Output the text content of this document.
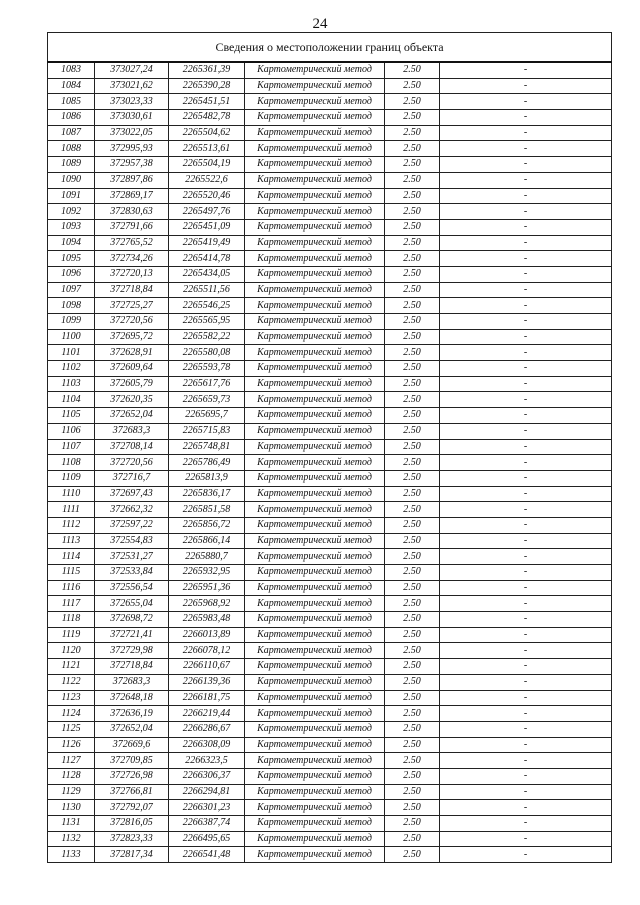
24
Сведения о местоположении границ объекта					
1083	373027,24	2265361,39	Картометрический метод	2.50	-
1084	373021,62	2265390,28	Картометрический метод	2.50	-
1085	373023,33	2265451,51	Картометрический метод	2.50	-
1086	373030,61	2265482,78	Картометрический метод	2.50	-
1087	373022,05	2265504,62	Картометрический метод	2.50	-
1088	372995,93	2265513,61	Картометрический метод	2.50	-
1089	372957,38	2265504,19	Картометрический метод	2.50	-
1090	372897,86	2265522,6	Картометрический метод	2.50	-
1091	372869,17	2265520,46	Картометрический метод	2.50	-
1092	372830,63	2265497,76	Картометрический метод	2.50	-
1093	372791,66	2265451,09	Картометрический метод	2.50	-
1094	372765,52	2265419,49	Картометрический метод	2.50	-
1095	372734,26	2265414,78	Картометрический метод	2.50	-
1096	372720,13	2265434,05	Картометрический метод	2.50	-
1097	372718,84	2265511,56	Картометрический метод	2.50	-
1098	372725,27	2265546,25	Картометрический метод	2.50	-
1099	372720,56	2265565,95	Картометрический метод	2.50	-
1100	372695,72	2265582,22	Картометрический метод	2.50	-
1101	372628,91	2265580,08	Картометрический метод	2.50	-
1102	372609,64	2265593,78	Картометрический метод	2.50	-
1103	372605,79	2265617,76	Картометрический метод	2.50	-
1104	372620,35	2265659,73	Картометрический метод	2.50	-
1105	372652,04	2265695,7	Картометрический метод	2.50	-
1106	372683,3	2265715,83	Картометрический метод	2.50	-
1107	372708,14	2265748,81	Картометрический метод	2.50	-
1108	372720,56	2265786,49	Картометрический метод	2.50	-
1109	372716,7	2265813,9	Картометрический метод	2.50	-
1110	372697,43	2265836,17	Картометрический метод	2.50	-
1111	372662,32	2265851,58	Картометрический метод	2.50	-
1112	372597,22	2265856,72	Картометрический метод	2.50	-
1113	372554,83	2265866,14	Картометрический метод	2.50	-
1114	372531,27	2265880,7	Картометрический метод	2.50	-
1115	372533,84	2265932,95	Картометрический метод	2.50	-
1116	372556,54	2265951,36	Картометрический метод	2.50	-
1117	372655,04	2265968,92	Картометрический метод	2.50	-
1118	372698,72	2265983,48	Картометрический метод	2.50	-
1119	372721,41	2266013,89	Картометрический метод	2.50	-
1120	372729,98	2266078,12	Картометрический метод	2.50	-
1121	372718,84	2266110,67	Картометрический метод	2.50	-
1122	372683,3	2266139,36	Картометрический метод	2.50	-
1123	372648,18	2266181,75	Картометрический метод	2.50	-
1124	372636,19	2266219,44	Картометрический метод	2.50	-
1125	372652,04	2266286,67	Картометрический метод	2.50	-
1126	372669,6	2266308,09	Картометрический метод	2.50	-
1127	372709,85	2266323,5	Картометрический метод	2.50	-
1128	372726,98	2266306,37	Картометрический метод	2.50	-
1129	372766,81	2266294,81	Картометрический метод	2.50	-
1130	372792,07	2266301,23	Картометрический метод	2.50	-
1131	372816,05	2266387,74	Картометрический метод	2.50	-
1132	372823,33	2266495,65	Картометрический метод	2.50	-
1133	372817,34	2266541,48	Картометрический метод	2.50	-
